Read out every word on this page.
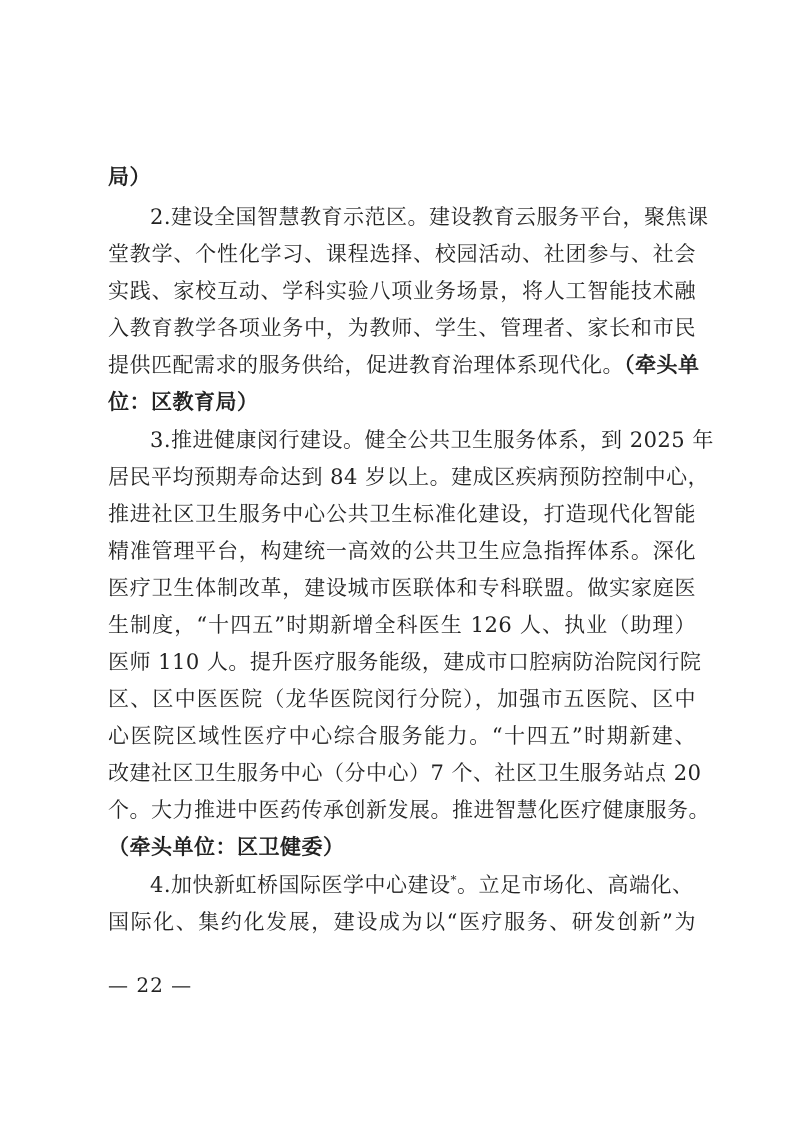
局）
2.建设全国智慧教育示范区。建设教育云服务平台，聚焦课
堂教学、个性化学习、课程选择、校园活动、社团参与、社会
实践、家校互动、学科实验八项业务场景，将人工智能技术融
入教育教学各项业务中，为教师、学生、管理者、家长和市民
提供匹配需求的服务供给，促进教育治理体系现代化。（牵头单
位：区教育局）
3.推进健康闵行建设。健全公共卫生服务体系，到 2025 年
居民平均预期寿命达到 84 岁以上。建成区疾病预防控制中心，
推进社区卫生服务中心公共卫生标准化建设，打造现代化智能
精准管理平台，构建统一高效的公共卫生应急指挥体系。深化
医疗卫生体制改革，建设城市医联体和专科联盟。做实家庭医
生制度，“十四五”时期新增全科医生 126 人、执业（助理）
医师 110 人。提升医疗服务能级，建成市口腔病防治院闵行院
区、区中医医院（龙华医院闵行分院），加强市五医院、区中
心医院区域性医疗中心综合服务能力。“十四五”时期新建、
改建社区卫生服务中心（分中心）7 个、社区卫生服务站点 20
个。大力推进中医药传承创新发展。推进智慧化医疗健康服务。
（牵头单位：区卫健委）
4.加快新虹桥国际医学中心建设*。立足市场化、高端化、
国际化、集约化发展，建设成为以“医疗服务、研发创新”为
— 22 —
